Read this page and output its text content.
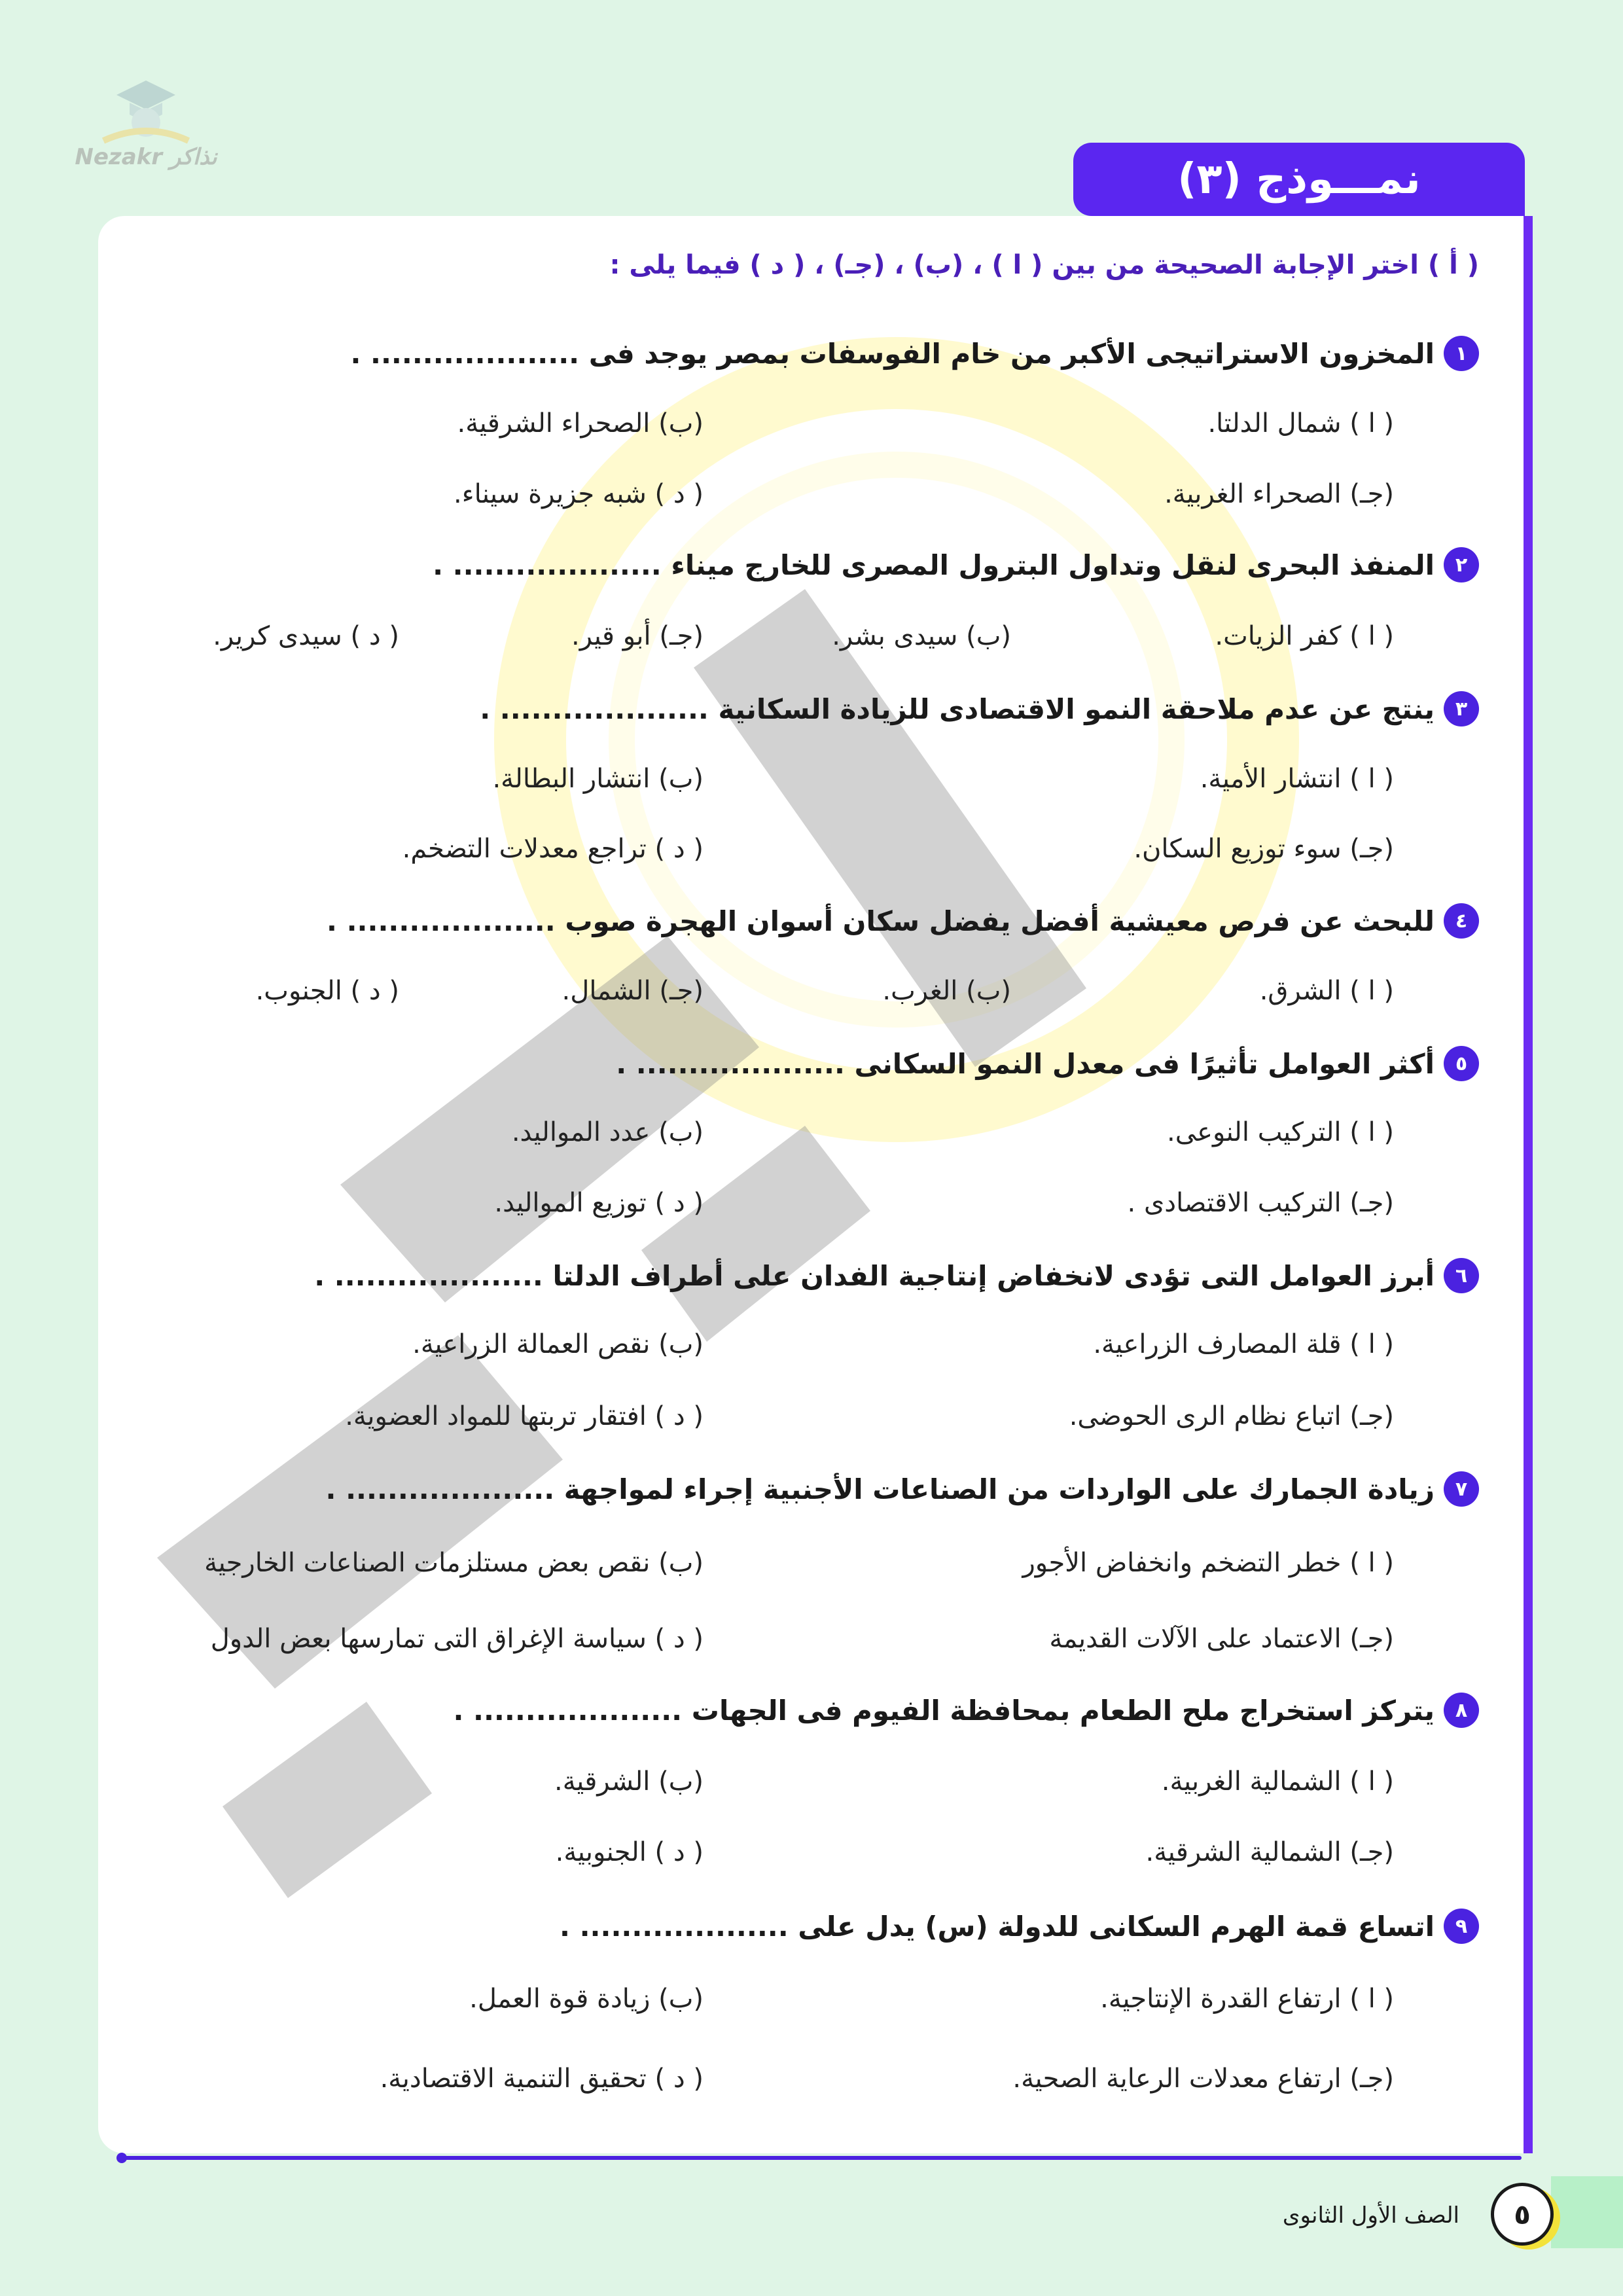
Nezakr نذاكر	نمـــوذج (٣)
( أ ) اختر الإجابة الصحيحة من بين ( ا ) ، (ب) ، (جـ) ، ( د ) فيما يلى :
١
المخزون الاستراتيجى الأكبر من خام الفوسفات بمصر يوجد فى .................... .
( ا ) شمال الدلتا.
(ب) الصحراء الشرقية.
(جـ) الصحراء الغربية.
( د ) شبه جزيرة سيناء.
٢
المنفذ البحرى لنقل وتداول البترول المصرى للخارج ميناء .................... .
( ا ) كفر الزيات.
(ب) سيدى بشر.
(جـ) أبو قير.
( د ) سيدى كرير.
٣
ينتج عن عدم ملاحقة النمو الاقتصادى للزيادة السكانية .................... .
( ا ) انتشار الأمية.
(ب) انتشار البطالة.
(جـ) سوء توزيع السكان.
( د ) تراجع معدلات التضخم.
٤
للبحث عن فرص معيشية أفضل يفضل سكان أسوان الهجرة صوب .................... .
( ا ) الشرق.
(ب) الغرب.
(جـ) الشمال.
( د ) الجنوب.
٥
أكثر العوامل تأثيرًا فى معدل النمو السكانى .................... .
( ا ) التركيب النوعى.
(ب) عدد المواليد.
(جـ) التركيب الاقتصادى .
( د ) توزيع المواليد.
٦
أبرز العوامل التى تؤدى لانخفاض إنتاجية الفدان على أطراف الدلتا .................... .
( ا ) قلة المصارف الزراعية.
(ب) نقص العمالة الزراعية.
(جـ) اتباع نظام الرى الحوضى.
( د ) افتقار تربتها للمواد العضوية.
٧
زيادة الجمارك على الواردات من الصناعات الأجنبية إجراء لمواجهة .................... .
( ا ) خطر التضخم وانخفاض الأجور
(ب) نقص بعض مستلزمات الصناعات الخارجية
(جـ) الاعتماد على الآلات القديمة
( د ) سياسة الإغراق التى تمارسها بعض الدول
٨
يتركز استخراج ملح الطعام بمحافظة الفيوم فى الجهات .................... .
( ا ) الشمالية الغربية.
(ب) الشرقية.
(جـ) الشمالية الشرقية.
( د ) الجنوبية.
٩
اتساع قمة الهرم السكانى للدولة (س) يدل على .................... .
( ا ) ارتفاع القدرة الإنتاجية.
(ب) زيادة قوة العمل.
(جـ) ارتفاع معدلات الرعاية الصحية.
( د ) تحقيق التنمية الاقتصادية.
الصف الأول الثانوى	٥
